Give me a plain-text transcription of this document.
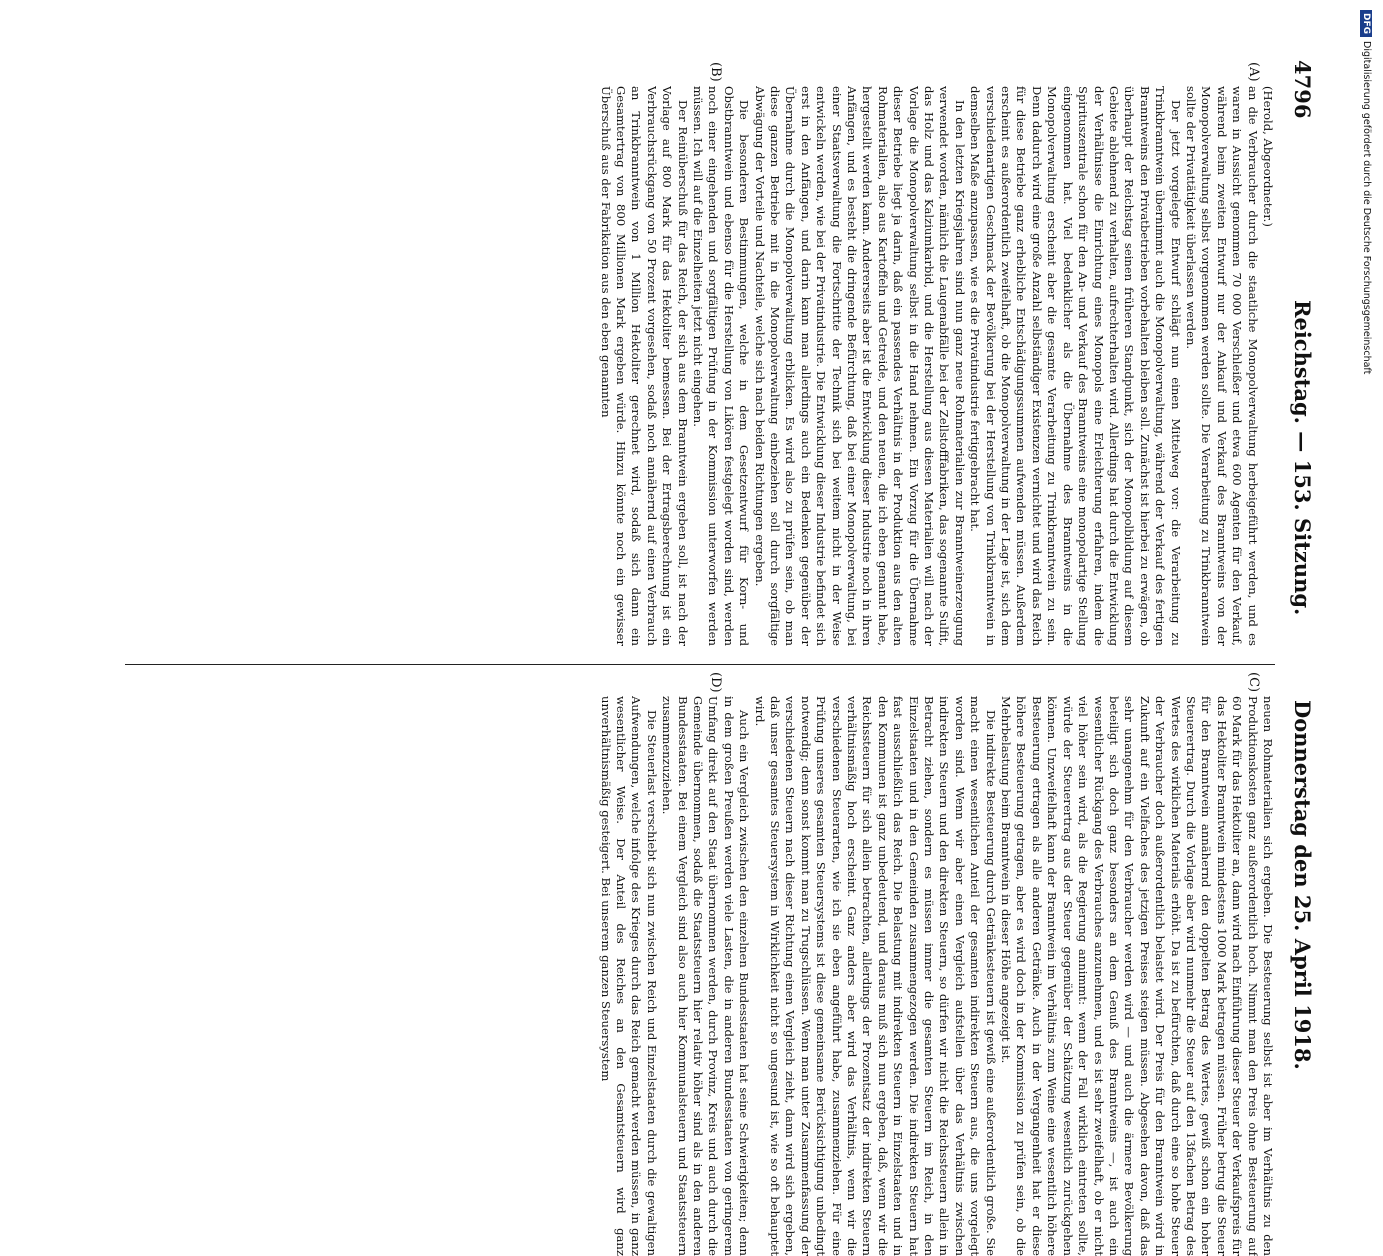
4796
Reichstag. — 153. Sitzung.
Donnerstag den 25. April 1918.
(A)
(B)
(C)
(D)

(Herold, Abgeordneter.)

an die Verbraucher durch die staatliche Monopolverwaltung herbeigeführt werden, und es waren in Aussicht genommen 70 000 Verschleißer und etwa 600 Agenten für den Verkauf, während beim zweiten Entwurf nur der Ankauf und Verkauf des Branntweins von der Monopolverwaltung selbst vorgenommen werden sollte. Die Verarbeitung zu Trinkbranntwein sollte der Privattätigkeit überlassen werden.

Der jetzt vorgelegte Entwurf schlägt nun einen Mittelweg vor: die Verarbeitung zu Trinkbranntwein übernimmt auch die Monopolverwaltung, während der Verkauf des fertigen Branntweins den Privatbetrieben vorbehalten bleiben soll. Zunächst ist hierbei zu erwägen, ob überhaupt der Reichstag seinen früheren Standpunkt, sich der Monopolbildung auf diesem Gebiete ablehnend zu verhalten, aufrechterhalten wird. Allerdings hat durch die Entwicklung der Verhältnisse die Einrichtung eines Monopols eine Erleichterung erfahren, indem die Spirituszentrale schon für den An- und Verkauf des Branntweins eine monopolartige Stellung eingenommen hat. Viel bedenklicher als die Übernahme des Branntweins in die Monopolverwaltung erscheint aber die gesamte Verarbeitung zu Trinkbranntwein zu sein. Denn dadurch wird eine große Anzahl selbständiger Existenzen vernichtet und wird das Reich für diese Betriebe ganz erhebliche Entschädigungssummen aufwenden müssen. Außerdem erscheint es außerordentlich zweifelhaft, ob die Monopolverwaltung in der Lage ist, sich dem verschiedenartigen Geschmack der Bevölkerung bei der Herstellung von Trinkbranntwein in demselben Maße anzupassen, wie es die Privatindustrie fertiggebracht hat.

In den letzten Kriegsjahren sind nun ganz neue Rohmaterialien zur Branntweinerzeugung verwendet worden, nämlich die Laugenabfälle bei der Zellstofffabriken, das sogenannte Sulfit, das Holz und das Kalziumkarbid, und die Herstellung aus diesen Materialien will nach der Vorlage die Monopolverwaltung selbst in die Hand nehmen. Ein Vorzug für die Übernahme dieser Betriebe liegt ja darin, daß ein passendes Verhältnis in der Produktion aus den alten Rohmaterialien, also aus Kartoffeln und Getreide, und den neuen, die ich eben genannt habe, hergestellt werden kann. Andererseits aber ist die Entwicklung dieser Industrie noch in ihren Anfängen, und es besteht die dringende Befürchtung, daß bei einer Monopolverwaltung, bei einer Staatsverwaltung die Fortschritte der Technik sich bei weitem nicht in der Weise entwickeln werden, wie bei der Privatindustrie. Die Entwicklung dieser Industrie befindet sich erst in den Anfängen, und darin kann man allerdings auch ein Bedenken gegenüber der Übernahme durch die Monopolverwaltung erblicken. Es wird also zu prüfen sein, ob man diese ganzen Betriebe mit in die Monopolverwaltung einbeziehen soll durch sorgfältige Abwägung der Vorteile und Nachteile, welche sich nach beiden Richtungen ergeben.

Die besonderen Bestimmungen, welche in dem Gesetzentwurf für Korn- und Obstbranntwein und ebenso für die Herstellung von Likören festgelegt worden sind, werden noch einer eingehenden und sorgfältigen Prüfung in der Kommission unterworfen werden müssen. Ich will auf die Einzelheiten jetzt nicht eingehen.

Der Reinüberschuß für das Reich, der sich aus dem Branntwein ergeben soll, ist nach der Vorlage auf 800 Mark für das Hektoliter bemessen. Bei der Ertragsberechnung ist ein Verbrauchsrückgang von 50 Prozent vorgesehen, sodaß noch annähernd auf einen Verbrauch an Trinkbranntwein von 1 Million Hektoliter gerechnet wird, sodaß sich dann ein Gesamtertrag von 800 Millionen Mark ergeben würde. Hinzu könnte noch ein gewisser Überschuß aus der Fabrikation aus den eben genannten

neuen Rohmaterialien sich ergeben. Die Besteuerung selbst ist aber im Verhältnis zu den Produktionskosten ganz außerordentlich hoch. Nimmt man den Preis ohne Besteuerung auf 60 Mark für das Hektoliter an, dann wird nach Einführung dieser Steuer der Verkaufspreis für das Hektoliter Branntwein mindestens 1000 Mark betragen müssen. Früher betrug die Steuer für den Branntwein annähernd den doppelten Betrag des Wertes, gewiß schon ein hoher Steuerertrag. Durch die Vorlage aber wird nunmehr die Steuer auf den 13fachen Betrag des Wertes des wirklichen Materials erhöht. Da ist zu befürchten, daß durch eine so hohe Steuer der Verbraucher doch außerordentlich belastet wird. Der Preis für den Branntwein wird in Zukunft auf ein Vielfaches des jetzigen Preises steigen müssen. Abgesehen davon, daß das sehr unangenehm für den Verbraucher werden wird — und auch die ärmere Bevölkerung beteiligt sich doch ganz besonders an dem Genuß des Branntweins —, ist auch ein wesentlicher Rückgang des Verbrauches anzunehmen, und es ist sehr zweifelhaft, ob er nicht viel höher sein wird, als die Regierung annimmt: wenn der Fall wirklich eintreten sollte, würde der Steuerertrag aus der Steuer gegenüber der Schätzung wesentlich zurückgehen können. Unzweifelhaft kann der Branntwein im Verhältnis zum Weine eine wesentlich höhere Besteuerung ertragen als alle anderen Getränke. Auch in der Vergangenheit hat er diese höhere Besteuerung getragen, aber es wird doch in der Kommission zu prüfen sein, ob die Mehrbelastung beim Branntwein in dieser Höhe angezeigt ist.

Die indirekte Besteuerung durch Getränkesteuern ist gewiß eine außerordentlich große. Sie macht einen wesentlichen Anteil der gesamten indirekten Steuern aus, die uns vorgelegt worden sind. Wenn wir aber einen Vergleich aufstellen über das Verhältnis zwischen indirekten Steuern und den direkten Steuern, so dürfen wir nicht die Reichssteuern allein in Betracht ziehen, sondern es müssen immer die gesamten Steuern im Reich, in den Einzelstaaten und in den Gemeinden zusammengezogen werden. Die indirekten Steuern hat fast ausschließlich das Reich. Die Belastung mit indirekten Steuern in Einzelstaaten und in den Kommunen ist ganz unbedeutend, und daraus muß sich nun ergeben, daß, wenn wir die Reichssteuern für sich allein betrachten, allerdings der Prozentsatz der indirekten Steuern verhältnismäßig hoch erscheint. Ganz anders aber wird das Verhältnis, wenn wir die verschiedenen Steuerarten, wie ich sie eben angeführt habe, zusammenziehen. Für eine Prüfung unseres gesamten Steuersystems ist diese gemeinsame Berücksichtigung unbedingt notwendig; denn sonst kommt man zu Trugschlüssen. Wenn man unter Zusammenfassung der verschiedenen Steuern nach dieser Richtung einen Vergleich zieht, dann wird sich ergeben, daß unser gesamtes Steuersystem in Wirklichkeit nicht so ungesund ist, wie so oft behauptet wird.

Auch ein Vergleich zwischen den einzelnen Bundesstaaten hat seine Schwierigkeiten; denn in dem großen Preußen werden viele Lasten, die in anderen Bundesstaaten von geringerem Umfang direkt auf den Staat übernommen werden, durch Provinz, Kreis und auch durch die Gemeinde übernommen, sodaß die Staatssteuern hier relativ höher sind als in den anderen Bundesstaaten. Bei einem Vergleich sind also auch hier Kommunalsteuern und Staatssteuern zusammenzuziehen.

Die Steuerlast verschiebt sich nun zwischen Reich und Einzelstaaten durch die gewaltigen Aufwendungen, welche infolge des Krieges durch das Reich gemacht werden müssen, in ganz wesentlicher Weise. Der Anteil des Reiches an den Gesamtsteuern wird ganz unverhältnismäßig gesteigert. Bei unserem ganzen Steuersystem

DFGDigitalisierung gefördert durch die Deutsche Forschungsgemeinschaft
